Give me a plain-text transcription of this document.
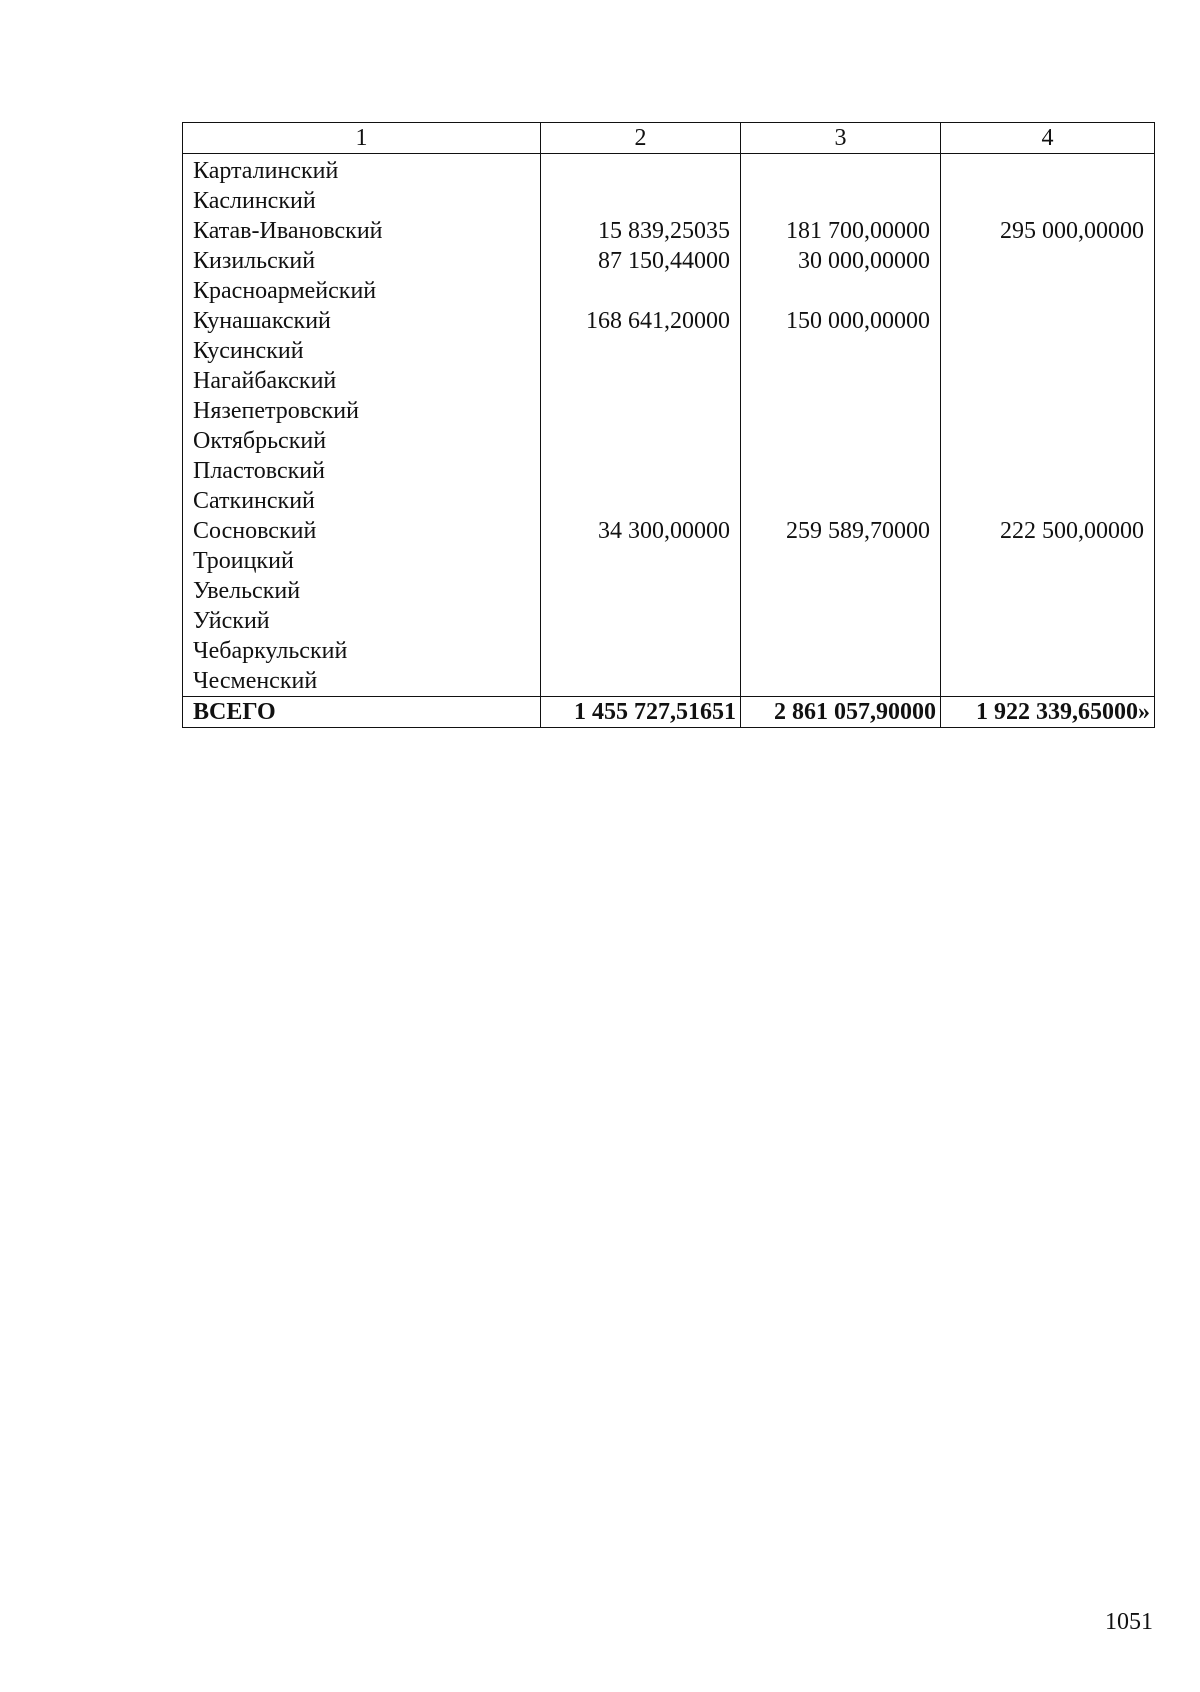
1	2	3	4
Карталинский			
Каслинский			
Катав-Ивановский	15 839,25035	181 700,00000	295 000,00000
Кизильский	87 150,44000	30 000,00000	
Красноармейский			
Кунашакский	168 641,20000	150 000,00000	
Кусинский			
Нагайбакский			
Нязепетровский			
Октябрьский			
Пластовский			
Саткинский			
Сосновский	34 300,00000	259 589,70000	222 500,00000
Троицкий			
Увельский			
Уйский			
Чебаркульский			
Чесменский			
ВСЕГО	1 455 727,51651	2 861 057,90000	1 922 339,65000»
1051
